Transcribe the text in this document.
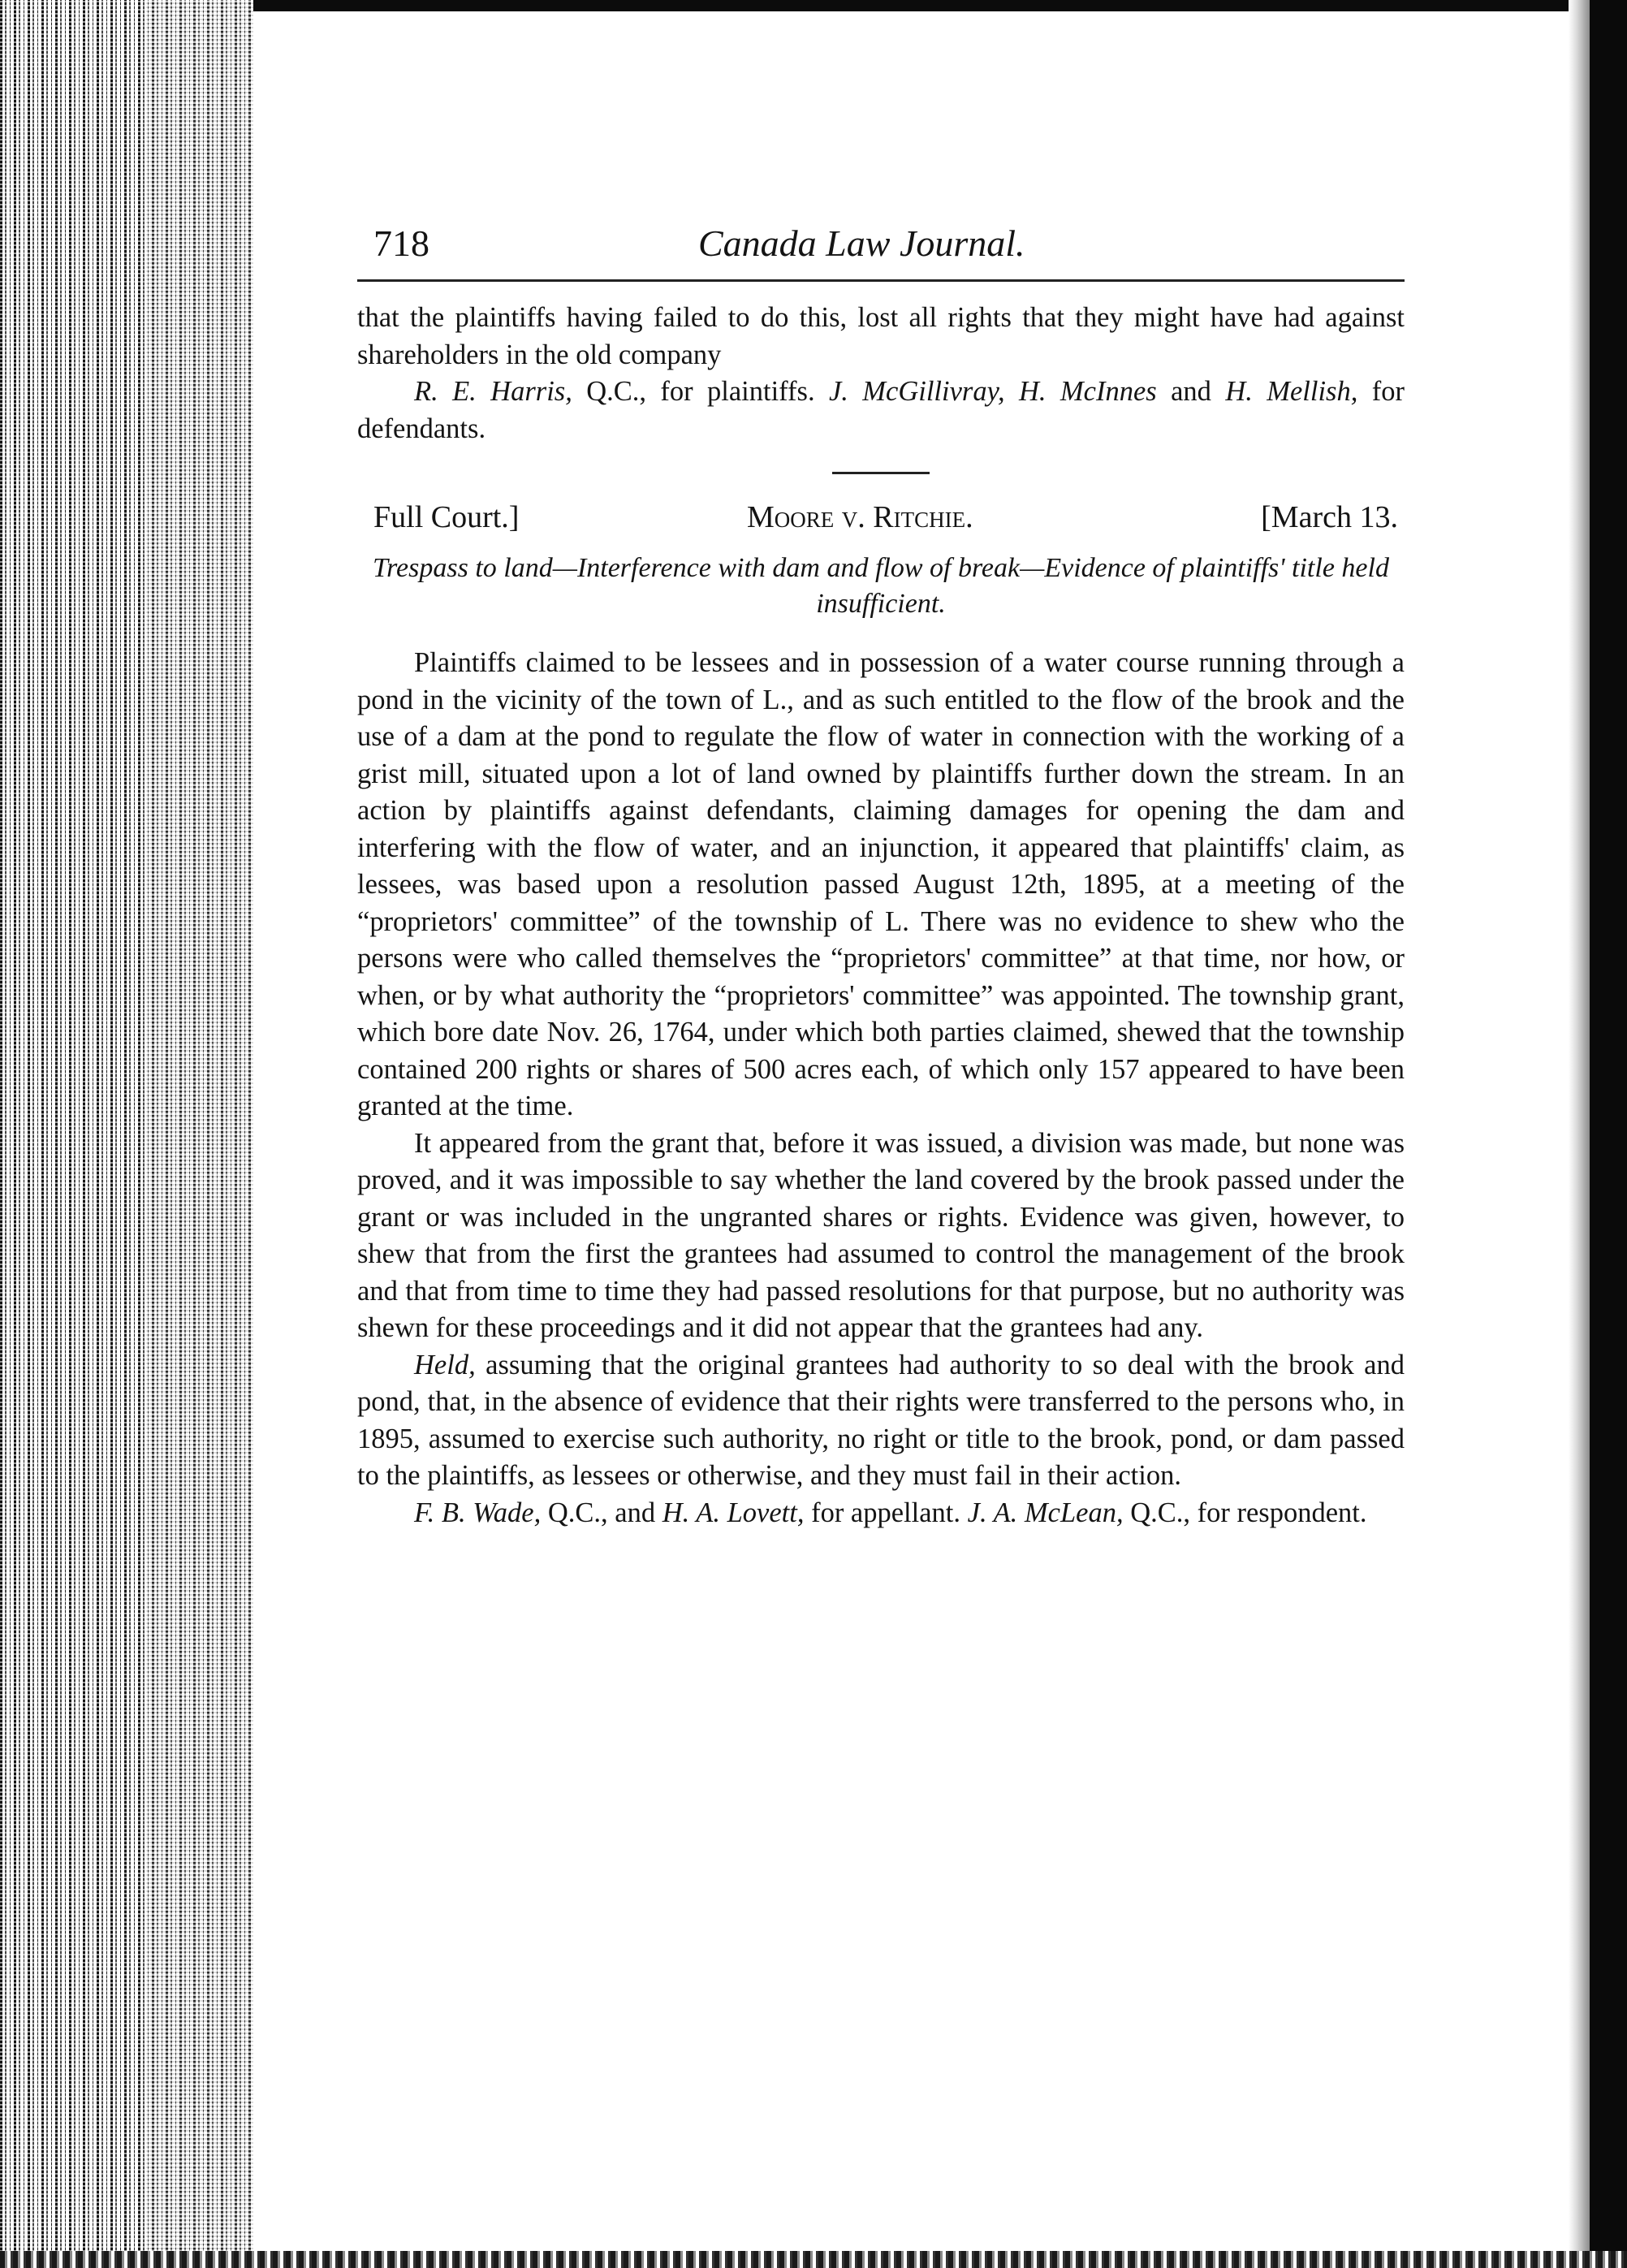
718	Canada Law Journal.

that the plaintiffs having failed to do this, lost all rights that they might have had against shareholders in the old company

R. E. Harris, Q.C., for plaintiffs. J. McGillivray, H. McInnes and H. Mellish, for defendants.

Full Court.]	Moore v. Ritchie.	[March 13.

Trespass to land—Interference with dam and flow of break—Evidence of plaintiffs' title held insufficient.

Plaintiffs claimed to be lessees and in possession of a water course running through a pond in the vicinity of the town of L., and as such entitled to the flow of the brook and the use of a dam at the pond to regulate the flow of water in connection with the working of a grist mill, situated upon a lot of land owned by plaintiffs further down the stream. In an action by plaintiffs against defendants, claiming damages for opening the dam and interfering with the flow of water, and an injunction, it appeared that plaintiffs' claim, as lessees, was based upon a resolution passed August 12th, 1895, at a meeting of the “proprietors' committee” of the township of L. There was no evidence to shew who the persons were who called themselves the “proprietors' committee” at that time, nor how, or when, or by what authority the “proprietors' committee” was appointed. The township grant, which bore date Nov. 26, 1764, under which both parties claimed, shewed that the township contained 200 rights or shares of 500 acres each, of which only 157 appeared to have been granted at the time.

It appeared from the grant that, before it was issued, a division was made, but none was proved, and it was impossible to say whether the land covered by the brook passed under the grant or was included in the ungranted shares or rights. Evidence was given, however, to shew that from the first the grantees had assumed to control the management of the brook and that from time to time they had passed resolutions for that purpose, but no authority was shewn for these proceedings and it did not appear that the grantees had any.

Held, assuming that the original grantees had authority to so deal with the brook and pond, that, in the absence of evidence that their rights were transferred to the persons who, in 1895, assumed to exercise such authority, no right or title to the brook, pond, or dam passed to the plaintiffs, as lessees or otherwise, and they must fail in their action.

F. B. Wade, Q.C., and H. A. Lovett, for appellant. J. A. McLean, Q.C., for respondent.
